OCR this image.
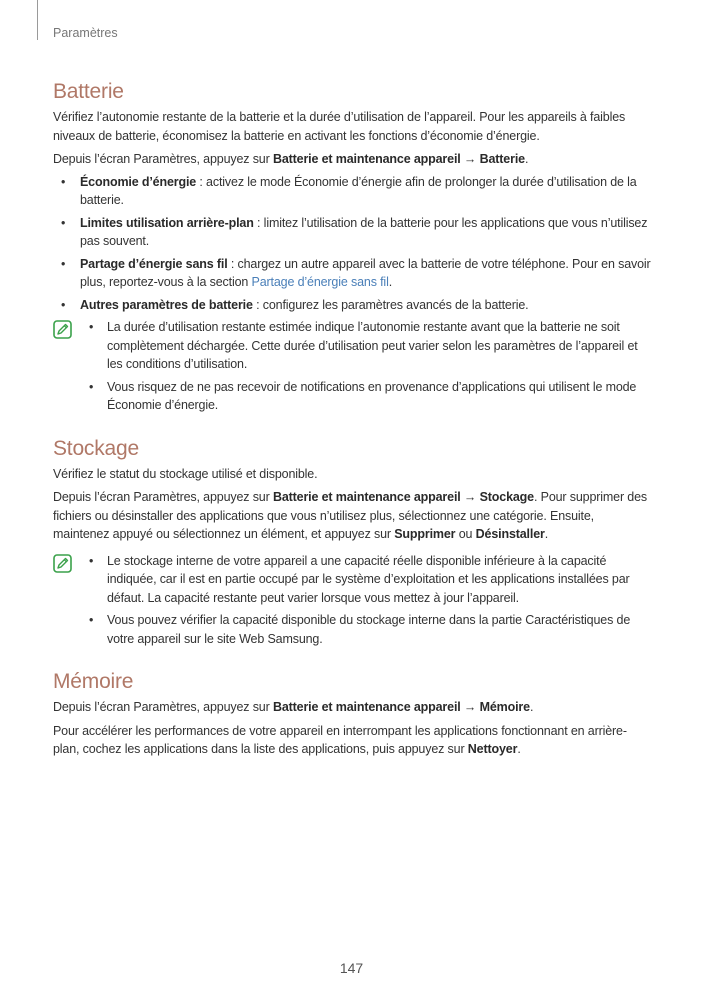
Paramètres
Batterie

Vérifiez l’autonomie restante de la batterie et la durée d’utilisation de l’appareil. Pour les appareils à faibles niveaux de batterie, économisez la batterie en activant les fonctions d’économie d’énergie.

Depuis l’écran Paramètres, appuyez sur Batterie et maintenance appareil → Batterie.

• Économie d’énergie : activez le mode Économie d’énergie afin de prolonger la durée d’utilisation de la batterie.
• Limites utilisation arrière-plan : limitez l’utilisation de la batterie pour les applications que vous n’utilisez pas souvent.
• Partage d’énergie sans fil : chargez un autre appareil avec la batterie de votre téléphone. Pour en savoir plus, reportez-vous à la section Partage d’énergie sans fil.
• Autres paramètres de batterie : configurez les paramètres avancés de la batterie.
• La durée d’utilisation restante estimée indique l’autonomie restante avant que la batterie ne soit complètement déchargée. Cette durée d’utilisation peut varier selon les paramètres de l’appareil et les conditions d’utilisation.
• Vous risquez de ne pas recevoir de notifications en provenance d’applications qui utilisent le mode Économie d’énergie.
Stockage

Vérifiez le statut du stockage utilisé et disponible.

Depuis l’écran Paramètres, appuyez sur Batterie et maintenance appareil → Stockage. Pour supprimer des fichiers ou désinstaller des applications que vous n’utilisez plus, sélectionnez une catégorie. Ensuite, maintenez appuyé ou sélectionnez un élément, et appuyez sur Supprimer ou Désinstaller.

• Le stockage interne de votre appareil a une capacité réelle disponible inférieure à la capacité indiquée, car il est en partie occupé par le système d’exploitation et les applications installées par défaut. La capacité restante peut varier lorsque vous mettez à jour l’appareil.
• Vous pouvez vérifier la capacité disponible du stockage interne dans la partie Caractéristiques de votre appareil sur le site Web Samsung.
Mémoire

Depuis l’écran Paramètres, appuyez sur Batterie et maintenance appareil → Mémoire.

Pour accélérer les performances de votre appareil en interrompant les applications fonctionnant en arrière-plan, cochez les applications dans la liste des applications, puis appuyez sur Nettoyer.

147
